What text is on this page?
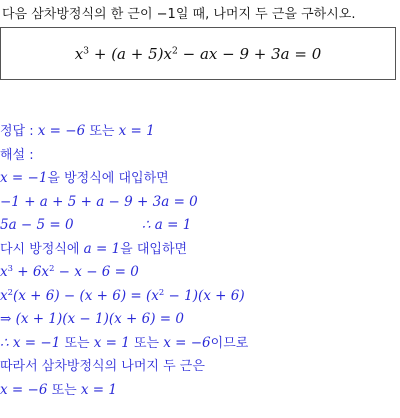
다음 삼차방정식의 한 근이 −1일 때, 나머지 두 근을 구하시오.
$x^3 + (a + 5)x^2$ − ax − 9 + 3a = 0
정답 : x = −6 또는 x = 1
해설 :
x = −1을 방정식에 대입하면
−1 + a + 5 + a − 9 + 3a = 0
5a − 5 = 0	∴ a = 1
다시 방정식에 a = 1을 대입하면
$x^3 + 6x^2 - x - 6 = 0$
$x^2(x + 6) - (x + 6) = (x^2 - 1)(x + 6)$
⇒ (x + 1)(x − 1)(x + 6) = 0
∴ x = −1 또는 x = 1 또는 x = −6이므로
따라서 삼차방정식의 나머지 두 근은
x = −6 또는 x = 1
